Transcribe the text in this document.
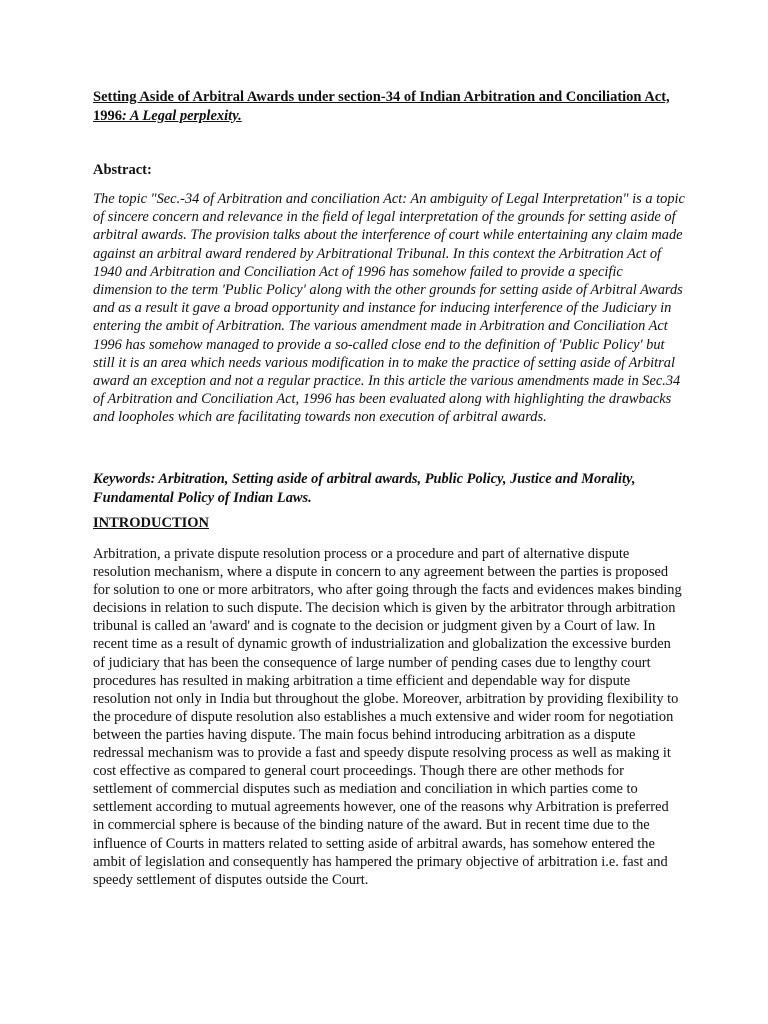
Setting Aside of Arbitral Awards under section-34 of Indian Arbitration and Conciliation Act, 1996: A Legal perplexity.
Abstract:
The topic "Sec.-34 of Arbitration and conciliation Act: An ambiguity of Legal Interpretation" is a topic of sincere concern and relevance in the field of legal interpretation of the grounds for setting aside of arbitral awards. The provision talks about the interference of court while entertaining any claim made against an arbitral award rendered by Arbitrational Tribunal. In this context the Arbitration Act of 1940 and Arbitration and Conciliation Act of 1996 has somehow failed to provide a specific dimension to the term 'Public Policy' along with the other grounds for setting aside of Arbitral Awards and as a result it gave a broad opportunity and instance for inducing interference of the Judiciary in entering the ambit of Arbitration. The various amendment made in Arbitration and Conciliation Act 1996 has somehow managed to provide a so-called close end to the definition of 'Public Policy' but still it is an area which needs various modification in to make the practice of setting aside of Arbitral award an exception and not a regular practice. In this article the various amendments made in Sec.34 of Arbitration and Conciliation Act, 1996 has been evaluated along with highlighting the drawbacks and loopholes which are facilitating towards non execution of arbitral awards.
Keywords: Arbitration, Setting aside of arbitral awards, Public Policy, Justice and Morality, Fundamental Policy of Indian Laws.
INTRODUCTION
Arbitration, a private dispute resolution process or a procedure and part of alternative dispute resolution mechanism, where a dispute in concern to any agreement between the parties is proposed for solution to one or more arbitrators, who after going through the facts and evidences makes binding decisions in relation to such dispute. The decision which is given by the arbitrator through arbitration tribunal is called an 'award' and is cognate to the decision or judgment given by a Court of law. In recent time as a result of dynamic growth of industrialization and globalization the excessive burden of judiciary that has been the consequence of large number of pending cases due to lengthy court procedures has resulted in making arbitration a time efficient and dependable way for dispute resolution not only in India but throughout the globe. Moreover, arbitration by providing flexibility to the procedure of dispute resolution also establishes a much extensive and wider room for negotiation between the parties having dispute. The main focus behind introducing arbitration as a dispute redressal mechanism was to provide a fast and speedy dispute resolving process as well as making it cost effective as compared to general court proceedings. Though there are other methods for settlement of commercial disputes such as mediation and conciliation in which parties come to settlement according to mutual agreements however, one of the reasons why Arbitration is preferred in commercial sphere is because of the binding nature of the award. But in recent time due to the influence of Courts in matters related to setting aside of arbitral awards, has somehow entered the ambit of legislation and consequently has hampered the primary objective of arbitration i.e. fast and speedy settlement of disputes outside the Court.
